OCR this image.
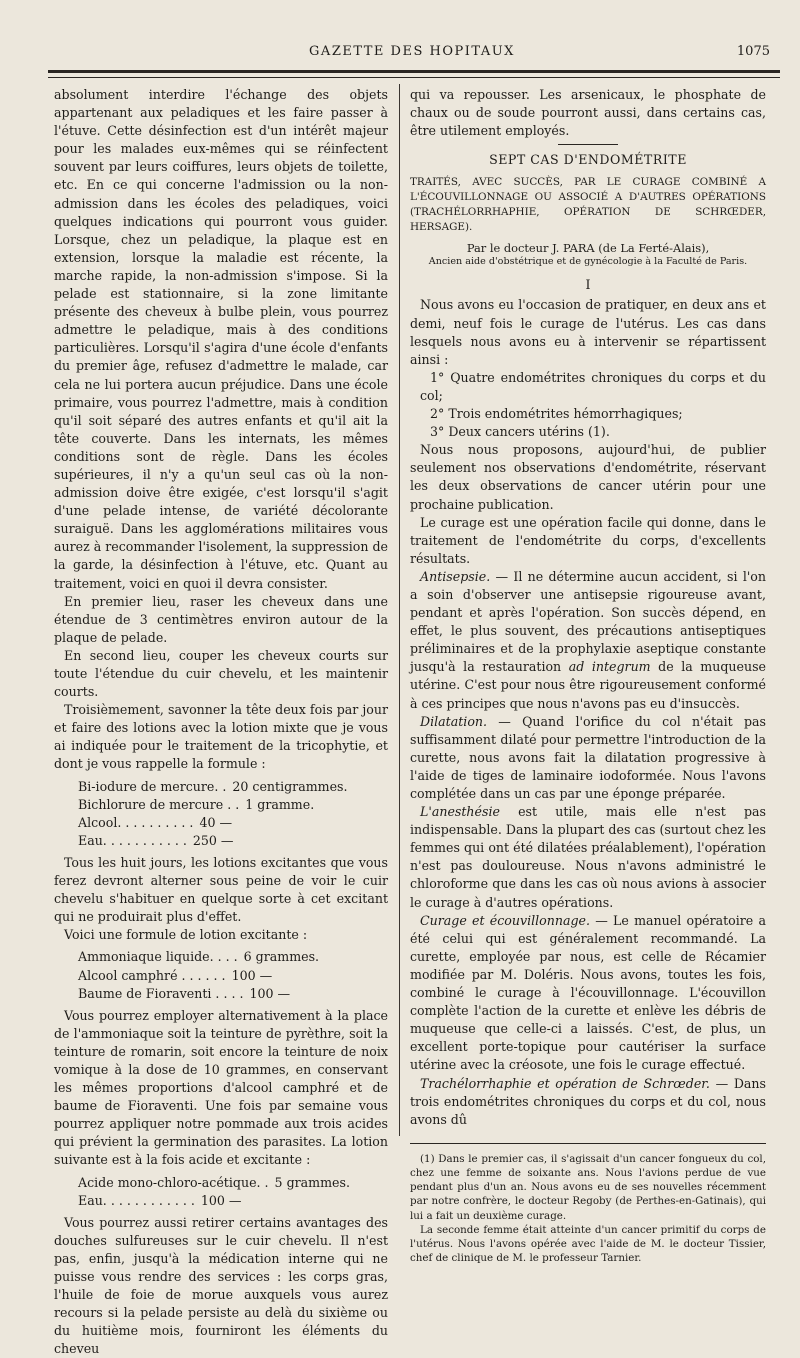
GAZETTE DES HOPITAUX	1075

absolument interdire l'échange des objets appartenant aux peladiques et les faire passer à l'étuve. Cette désinfection est d'un intérêt majeur pour les malades eux-mêmes qui se réinfectent souvent par leurs coiffures, leurs objets de toilette, etc. En ce qui concerne l'admission ou la non-admission dans les écoles des peladiques, voici quelques indications qui pourront vous guider. Lorsque, chez un peladique, la plaque est en extension, lorsque la maladie est récente, la marche rapide, la non-admission s'impose. Si la pelade est stationnaire, si la zone limitante présente des cheveux à bulbe plein, vous pourrez admettre le peladique, mais à des conditions particulières. Lorsqu'il s'agira d'une école d'enfants du premier âge, refusez d'admettre le malade, car cela ne lui portera aucun préjudice. Dans une école primaire, vous pourrez l'admettre, mais à condition qu'il soit séparé des autres enfants et qu'il ait la tête couverte. Dans les internats, les mêmes conditions sont de règle. Dans les écoles supérieures, il n'y a qu'un seul cas où la non-admission doive être exigée, c'est lorsqu'il s'agit d'une pelade intense, de variété décolorante suraiguë. Dans les agglomérations militaires vous aurez à recommander l'isolement, la suppression de la garde, la désinfection à l'étuve, etc. Quant au traitement, voici en quoi il devra consister.

En premier lieu, raser les cheveux dans une étendue de 3 centimètres environ autour de la plaque de pelade.

En second lieu, couper les cheveux courts sur toute l'étendue du cuir chevelu, et les maintenir courts.

Troisièmement, savonner la tête deux fois par jour et faire des lotions avec la lotion mixte que je vous ai indiquée pour le traitement de la tricophytie, et dont je vous rappelle la formule :

Bi-iodure de mercure. . 20 centigrammes.
Bichlorure de mercure . . 1 gramme.
Alcool. . . . . . . . . . 40 —
Eau. . . . . . . . . . . 250 —

Tous les huit jours, les lotions excitantes que vous ferez devront alterner sous peine de voir le cuir chevelu s'habituer en quelque sorte à cet excitant qui ne produirait plus d'effet.

Voici une formule de lotion excitante :

Ammoniaque liquide. . . . 6 grammes.
Alcool camphré . . . . . . 100 —
Baume de Fioraventi . . . . 100 —

Vous pourrez employer alternativement à la place de l'ammoniaque soit la teinture de pyrèthre, soit la teinture de romarin, soit encore la teinture de noix vomique à la dose de 10 grammes, en conservant les mêmes proportions d'alcool camphré et de baume de Fioraventi. Une fois par semaine vous pourrez appliquer notre pommade aux trois acides qui prévient la germination des parasites. La lotion suivante est à la fois acide et excitante :

Acide mono-chloro-acétique. . 5 grammes.
Eau. . . . . . . . . . . . 100 —

Vous pourrez aussi retirer certains avantages des douches sulfureuses sur le cuir chevelu. Il n'est pas, enfin, jusqu'à la médication interne qui ne puisse vous rendre des services : les corps gras, l'huile de foie de morue auxquels vous aurez recours si la pelade persiste au delà du sixième ou du huitième mois, fourniront les éléments du cheveu

qui va repousser. Les arsenicaux, le phosphate de chaux ou de soude pourront aussi, dans certains cas, être utilement employés.

SEPT CAS D'ENDOMÉTRITE
TRAITÉS, AVEC SUCCÈS, PAR LE CURAGE COMBINÉ A L'ÉCOUVILLONNAGE OU ASSOCIÉ A D'AUTRES OPÉRATIONS (TRACHÉLORRHAPHIE, OPÉRATION DE SCHRŒDER, HERSAGE).
Par le docteur J. PARA (de La Ferté-Alais),
Ancien aide d'obstétrique et de gynécologie à la Faculté de Paris.
I

Nous avons eu l'occasion de pratiquer, en deux ans et demi, neuf fois le curage de l'utérus. Les cas dans lesquels nous avons eu à intervenir se répartissent ainsi :

1° Quatre endométrites chroniques du corps et du col;

2° Trois endométrites hémorrhagiques;

3° Deux cancers utérins (1).

Nous nous proposons, aujourd'hui, de publier seulement nos observations d'endométrite, réservant les deux observations de cancer utérin pour une prochaine publication.

Le curage est une opération facile qui donne, dans le traitement de l'endométrite du corps, d'excellents résultats.

Antisepsie. — Il ne détermine aucun accident, si l'on a soin d'observer une antisepsie rigoureuse avant, pendant et après l'opération. Son succès dépend, en effet, le plus souvent, des précautions antiseptiques préliminaires et de la prophylaxie aseptique constante jusqu'à la restauration ad integrum de la muqueuse utérine. C'est pour nous être rigoureusement conformé à ces principes que nous n'avons pas eu d'insuccès.

Dilatation. — Quand l'orifice du col n'était pas suffisamment dilaté pour permettre l'introduction de la curette, nous avons fait la dilatation progressive à l'aide de tiges de laminaire iodoformée. Nous l'avons complétée dans un cas par une éponge préparée.

L'anesthésie est utile, mais elle n'est pas indispensable. Dans la plupart des cas (surtout chez les femmes qui ont été dilatées préalablement), l'opération n'est pas douloureuse. Nous n'avons administré le chloroforme que dans les cas où nous avions à associer le curage à d'autres opérations.

Curage et écouvillonnage. — Le manuel opératoire a été celui qui est généralement recommandé. La curette, employée par nous, est celle de Récamier modifiée par M. Doléris. Nous avons, toutes les fois, combiné le curage à l'écouvillonnage. L'écouvillon complète l'action de la curette et enlève les débris de muqueuse que celle-ci a laissés. C'est, de plus, un excellent porte-topique pour cautériser la surface utérine avec la créosote, une fois le curage effectué.

Trachélorrhaphie et opération de Schrœder. — Dans trois endométrites chroniques du corps et du col, nous avons dû

(1) Dans le premier cas, il s'agissait d'un cancer fongueux du col, chez une femme de soixante ans. Nous l'avions perdue de vue pendant plus d'un an. Nous avons eu de ses nouvelles récemment par notre confrère, le docteur Regoby (de Perthes-en-Gatinais), qui lui a fait un deuxième curage.

La seconde femme était atteinte d'un cancer primitif du corps de l'utérus. Nous l'avons opérée avec l'aide de M. le docteur Tissier, chef de clinique de M. le professeur Tarnier.
